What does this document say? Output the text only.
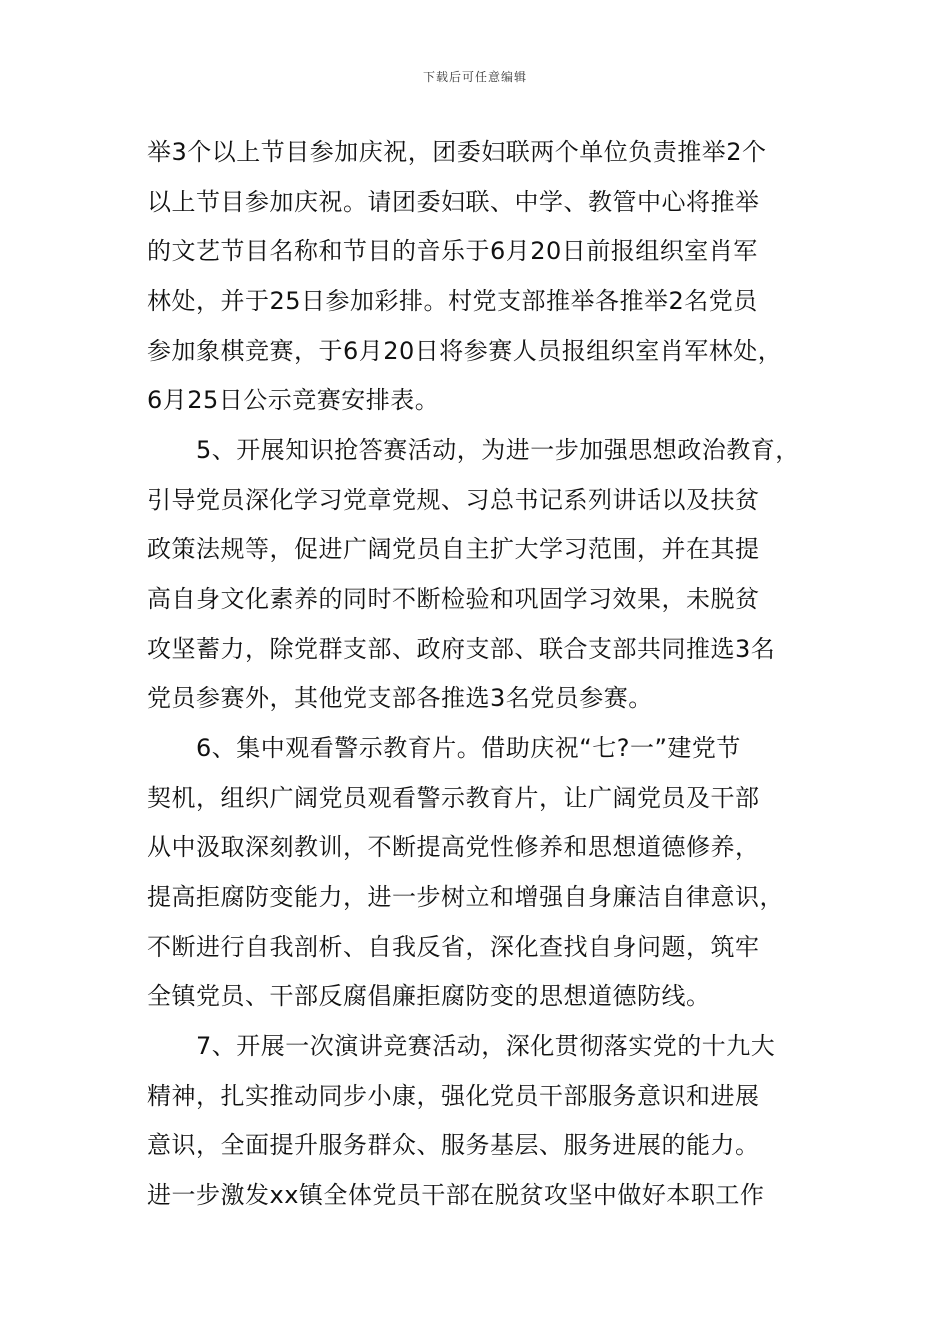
下载后可任意编辑
举3个以上节目参加庆祝，团委妇联两个单位负责推举2个
以上节目参加庆祝。请团委妇联、中学、教管中心将推举
的文艺节目名称和节目的音乐于6月20日前报组织室肖军
林处，并于25日参加彩排。村党支部推举各推举2名党员
参加象棋竞赛，于6月20日将参赛人员报组织室肖军林处，
6月25日公示竞赛安排表。
5、开展知识抢答赛活动，为进一步加强思想政治教育，
引导党员深化学习党章党规、习总书记系列讲话以及扶贫
政策法规等，促进广阔党员自主扩大学习范围，并在其提
高自身文化素养的同时不断检验和巩固学习效果，未脱贫
攻坚蓄力，除党群支部、政府支部、联合支部共同推选3名
党员参赛外，其他党支部各推选3名党员参赛。
6、集中观看警示教育片。借助庆祝“七?一”建党节
契机，组织广阔党员观看警示教育片，让广阔党员及干部
从中汲取深刻教训，不断提高党性修养和思想道德修养，
提高拒腐防变能力，进一步树立和增强自身廉洁自律意识，
不断进行自我剖析、自我反省，深化查找自身问题，筑牢
全镇党员、干部反腐倡廉拒腐防变的思想道德防线。
7、开展一次演讲竞赛活动，深化贯彻落实党的十九大
精神，扎实推动同步小康，强化党员干部服务意识和进展
意识，全面提升服务群众、服务基层、服务进展的能力。
进一步激发xx镇全体党员干部在脱贫攻坚中做好本职工作
